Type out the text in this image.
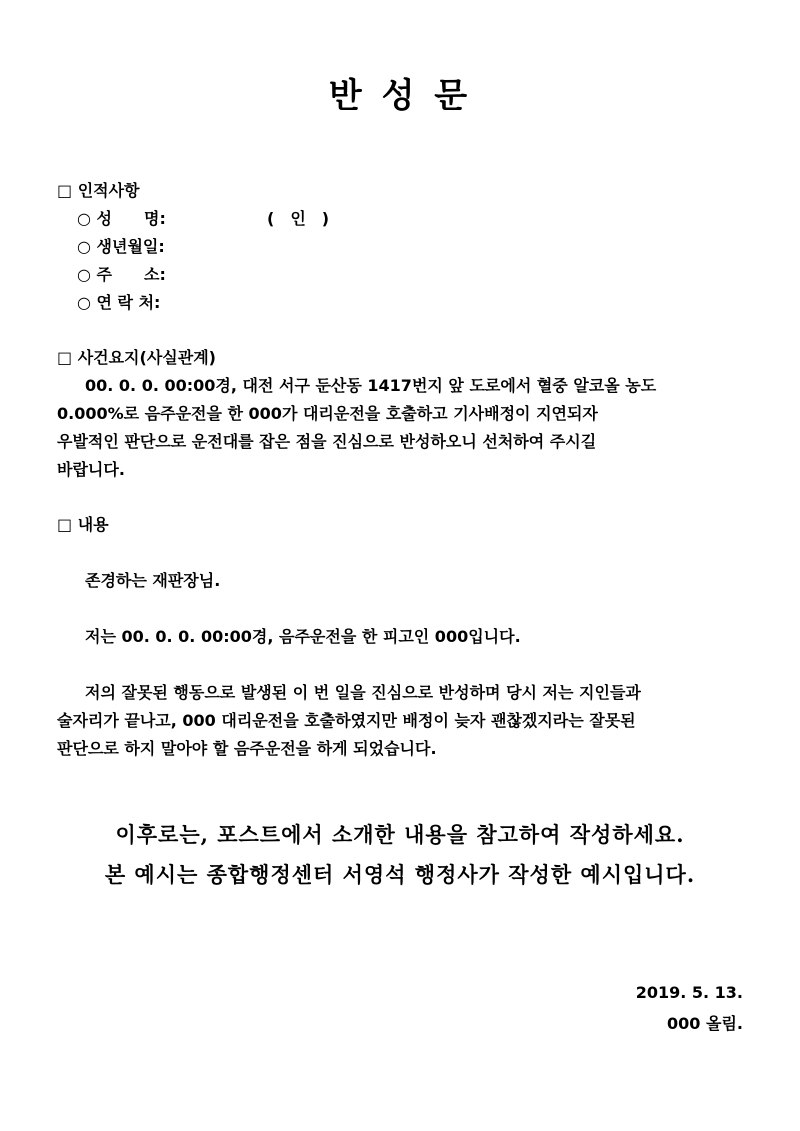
반 성 문
□ 인적사항
○ 성　　명:	(　인　)
○ 생년월일:
○ 주　　소:
○ 연 락 처:
□ 사건요지(사실관계)
00. 0. 0. 00:00경, 대전 서구 둔산동 1417번지 앞 도로에서 혈중 알코올 농도
0.000%로 음주운전을 한 000가 대리운전을 호출하고 기사배정이 지연되자
우발적인 판단으로 운전대를 잡은 점을 진심으로 반성하오니 선처하여 주시길
바랍니다.
□ 내용
존경하는 재판장님.
저는 00. 0. 0. 00:00경, 음주운전을 한 피고인 000입니다.
저의 잘못된 행동으로 발생된 이 번 일을 진심으로 반성하며 당시 저는 지인들과
술자리가 끝나고, 000 대리운전을 호출하였지만 배정이 늦자 괜찮겠지라는 잘못된
판단으로 하지 말아야 할 음주운전을 하게 되었습니다.
이후로는, 포스트에서 소개한 내용을 참고하여 작성하세요.
본 예시는 종합행정센터 서영석 행정사가 작성한 예시입니다.
2019. 5. 13.
000 올림.
